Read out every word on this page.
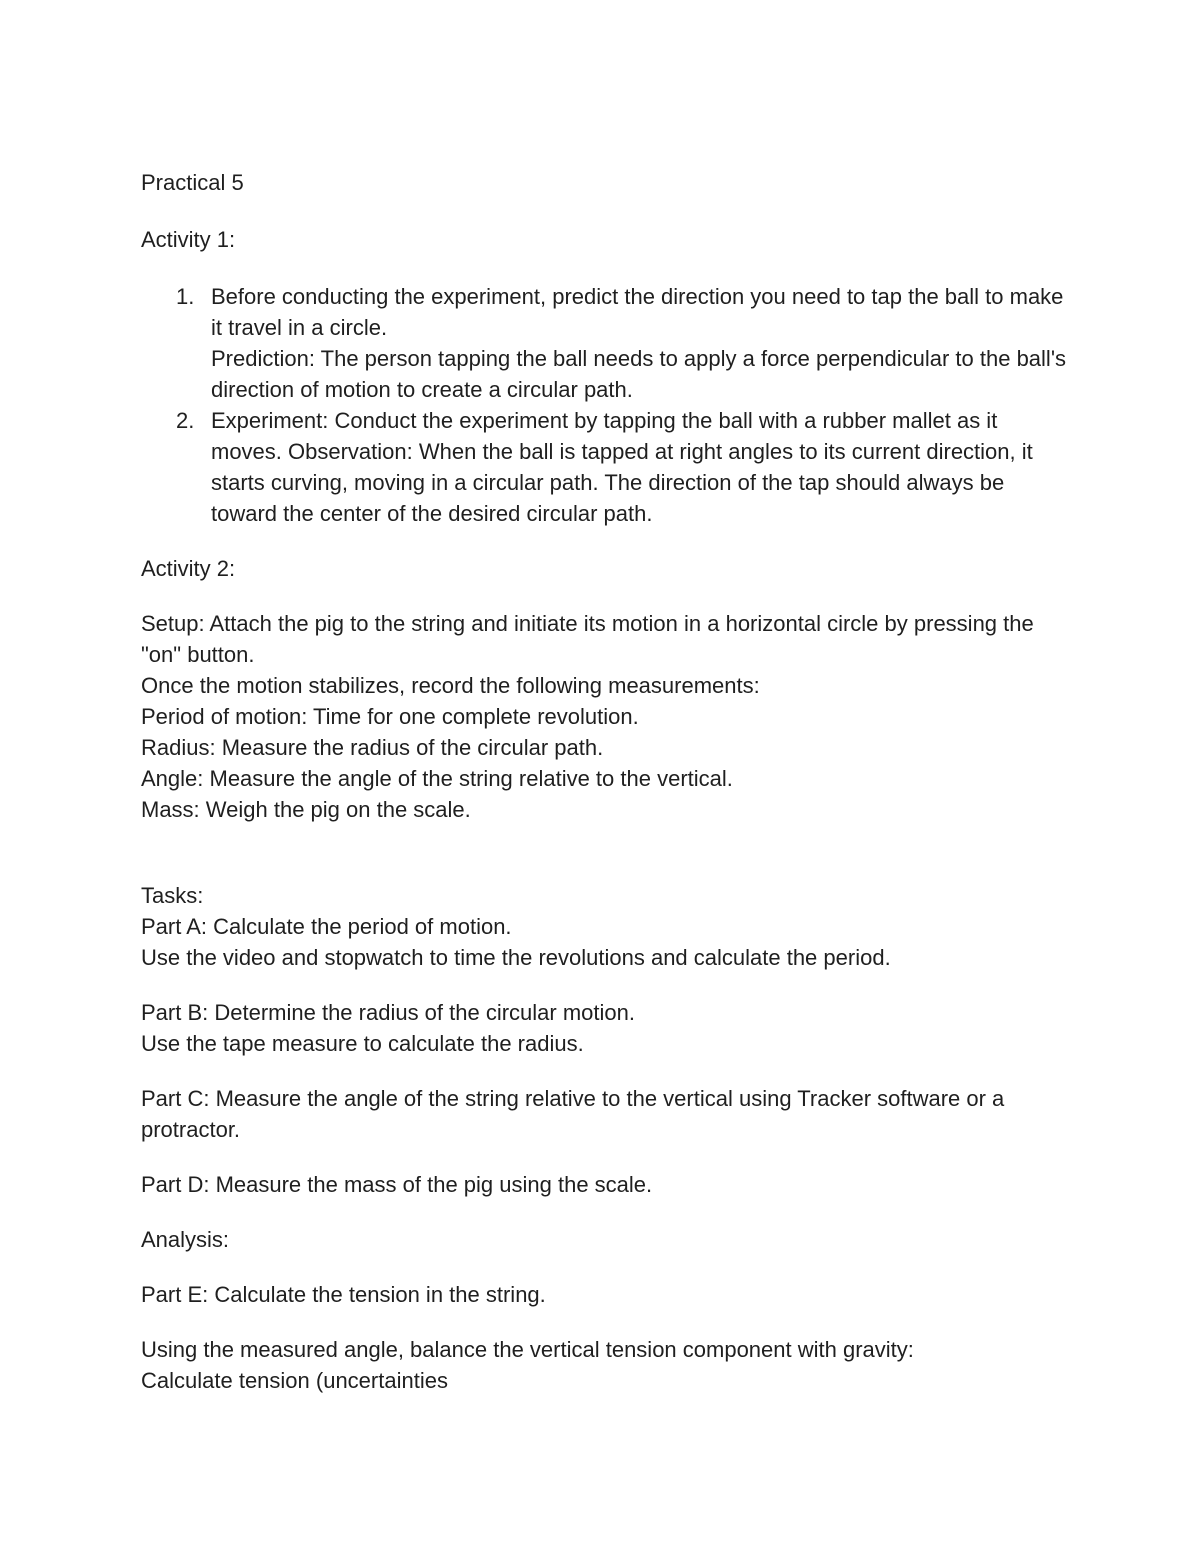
Practical 5

Activity 1:

1. Before conducting the experiment, predict the direction you need to tap the ball to make it travel in a circle.
Prediction: The person tapping the ball needs to apply a force perpendicular to the ball's direction of motion to create a circular path.
2. Experiment: Conduct the experiment by tapping the ball with a rubber mallet as it moves. Observation: When the ball is tapped at right angles to its current direction, it starts curving, moving in a circular path. The direction of the tap should always be toward the center of the desired circular path.

Activity 2:

Setup: Attach the pig to the string and initiate its motion in a horizontal circle by pressing the "on" button.

Once the motion stabilizes, record the following measurements:

Period of motion: Time for one complete revolution.

Radius: Measure the radius of the circular path.

Angle: Measure the angle of the string relative to the vertical.

Mass: Weigh the pig on the scale.

Tasks:

Part A: Calculate the period of motion.

Use the video and stopwatch to time the revolutions and calculate the period.

Part B: Determine the radius of the circular motion.

Use the tape measure to calculate the radius.

Part C: Measure the angle of the string relative to the vertical using Tracker software or a protractor.

Part D: Measure the mass of the pig using the scale.

Analysis:

Part E: Calculate the tension in the string.

Using the measured angle, balance the vertical tension component with gravity:

Calculate tension (uncertainties
